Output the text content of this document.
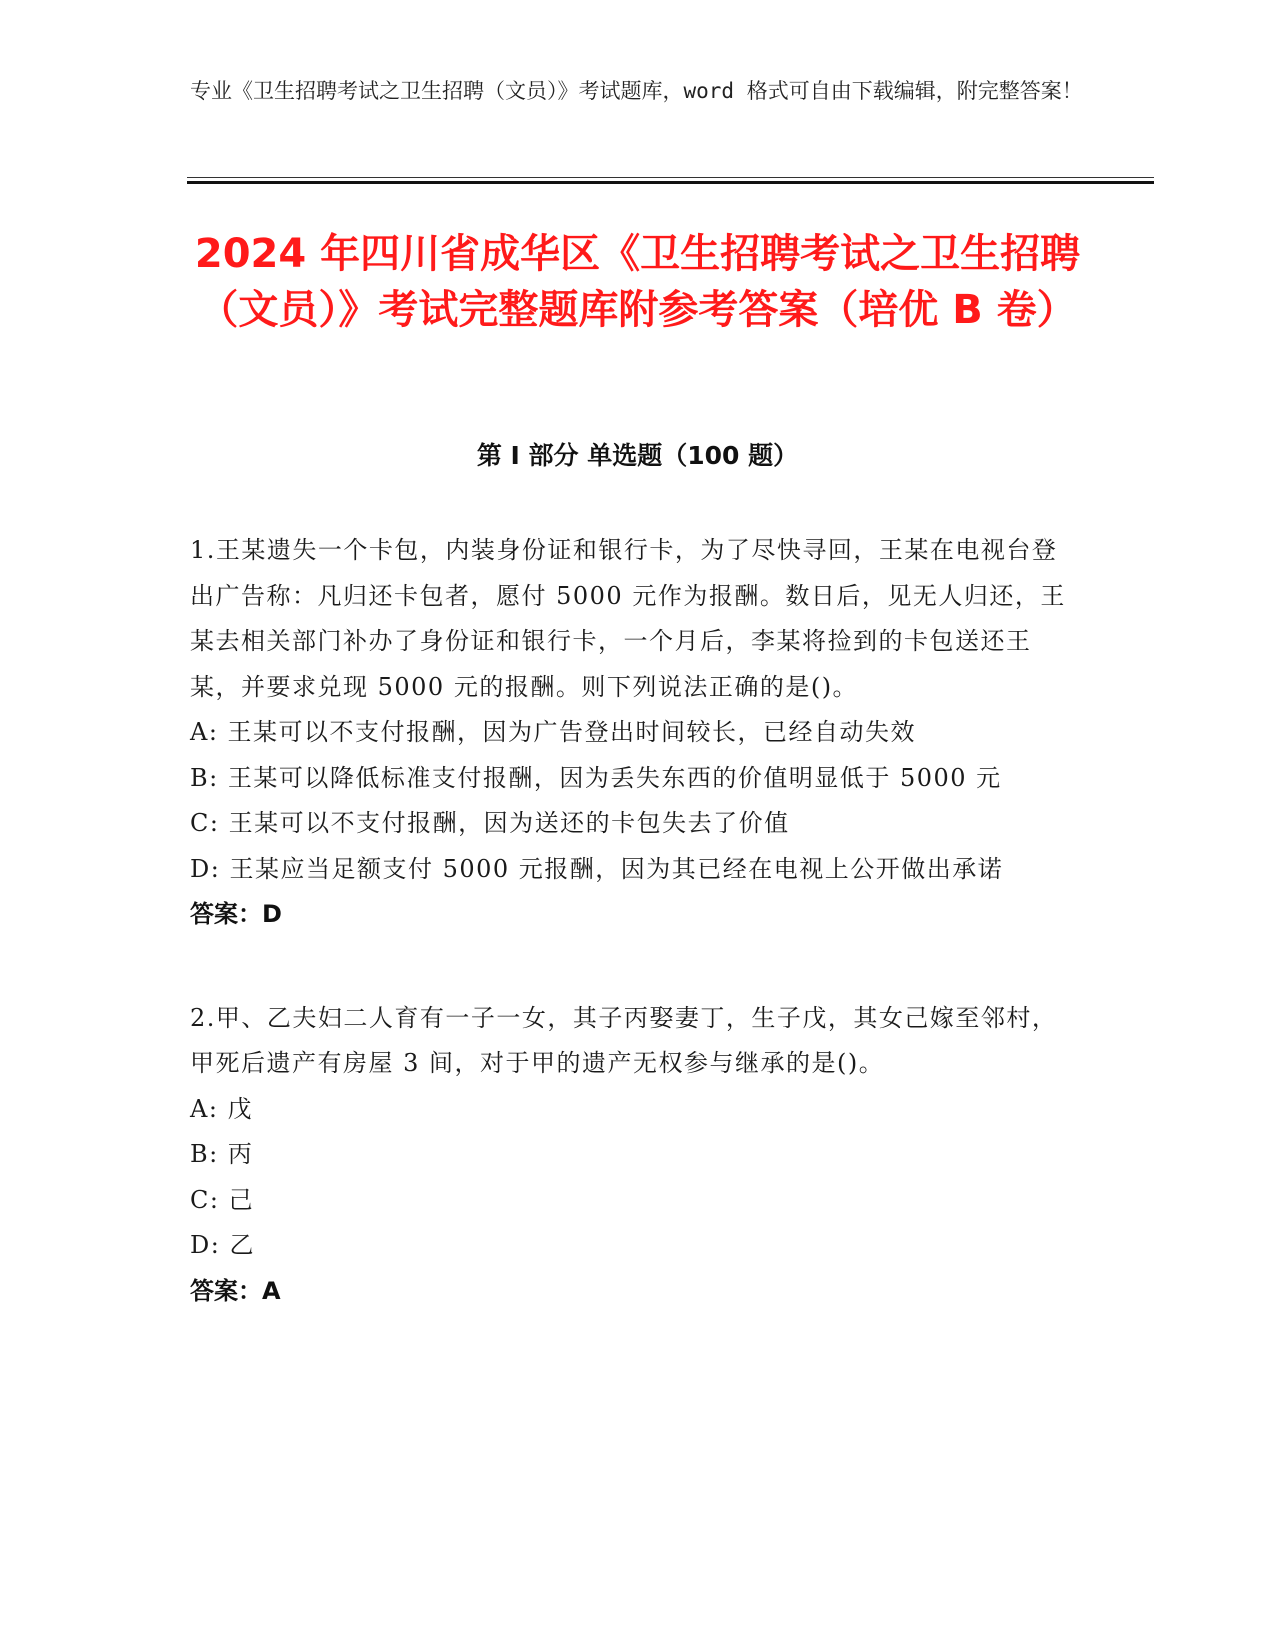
专业《卫生招聘考试之卫生招聘（文员）》考试题库，word 格式可自由下载编辑，附完整答案！
2024 年四川省成华区《卫生招聘考试之卫生招聘（文员）》考试完整题库附参考答案（培优 B 卷）
第 I 部分 单选题（100 题）

1.王某遗失一个卡包，内装身份证和银行卡，为了尽快寻回，王某在电视台登出广告称：凡归还卡包者，愿付 5000 元作为报酬。数日后，见无人归还，王某去相关部门补办了身份证和银行卡，一个月后，李某将捡到的卡包送还王某，并要求兑现 5000 元的报酬。则下列说法正确的是()。

A: 王某可以不支付报酬，因为广告登出时间较长，已经自动失效

B: 王某可以降低标准支付报酬，因为丢失东西的价值明显低于 5000 元

C: 王某可以不支付报酬，因为送还的卡包失去了价值

D: 王某应当足额支付 5000 元报酬，因为其已经在电视上公开做出承诺

答案：D

2.甲、乙夫妇二人育有一子一女，其子丙娶妻丁，生子戊，其女己嫁至邻村，甲死后遗产有房屋 3 间，对于甲的遗产无权参与继承的是()。

A: 戊

B: 丙

C: 己

D: 乙

答案：A
